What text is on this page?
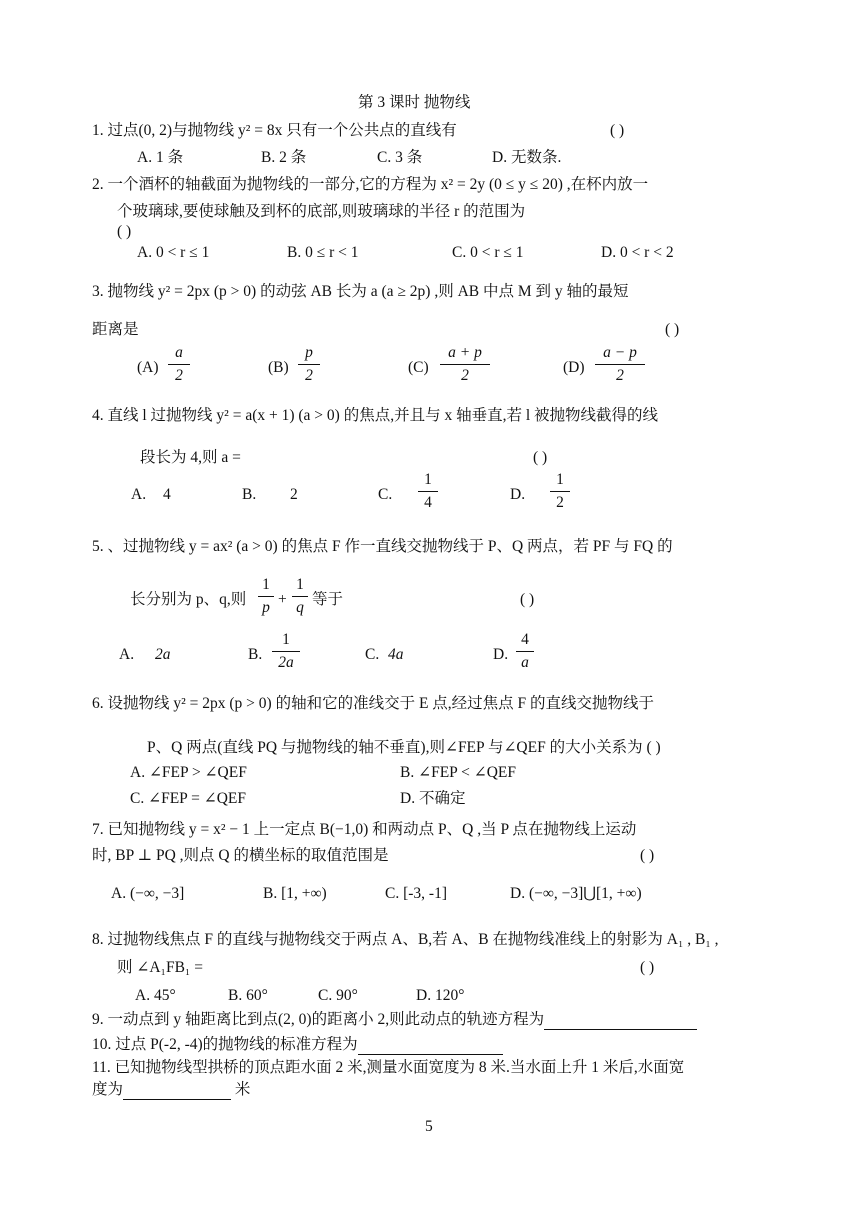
第 3 课时 抛物线
1. 过点(0, 2)与抛物线 y² = 8x 只有一个公共点的直线有	( )
A. 1 条	B. 2 条	C. 3 条	D. 无数条.
2. 一个酒杯的轴截面为抛物线的一部分,它的方程为 x² = 2y (0 ≤ y ≤ 20) ,在杯内放一
个玻璃球,要使球触及到杯的底部,则玻璃球的半径 r 的范围为
( )
A. 0 < r ≤ 1	B. 0 ≤ r < 1	C. 0 < r ≤ 1	D. 0 < r < 2
3. 抛物线 y² = 2px (p > 0) 的动弦 AB 长为 a (a ≥ 2p) ,则 AB 中点 M 到 y 轴的最短
距离是	( )
(A)
a
2	(B)
p
2	(C)
a + p
2	(D)
a − p
2
4. 直线 l 过抛物线 y² = a(x + 1) (a > 0) 的焦点,并且与 x 轴垂直,若 l 被抛物线截得的线
段长为 4,则 a =	( )
A. 4	B. 2	C.
1
4	D.
1
2
5. 、过抛物线 y = ax² (a > 0) 的焦点 F 作一直线交抛物线于 P、Q 两点，若 PF 与 FQ 的
长分别为 p、q,则
1
p +
1
q 等于	( )
A. 2a	B.
1
2a	C. 4a	D.
4
a
6. 设抛物线 y² = 2px (p > 0) 的轴和它的准线交于 E 点,经过焦点 F 的直线交抛物线于
P、Q 两点(直线 PQ 与抛物线的轴不垂直),则∠FEP 与∠QEF 的大小关系为 ( )
A. ∠FEP > ∠QEF	B. ∠FEP < ∠QEF
C. ∠FEP = ∠QEF	D. 不确定
7. 已知抛物线 y = x² − 1 上一定点 B(−1,0) 和两动点 P、Q ,当 P 点在抛物线上运动
时, BP ⊥ PQ ,则点 Q 的横坐标的取值范围是	( )
A. (−∞, −3]	B. [1, +∞)	C. [-3, -1]	D. (−∞, −3]⋃[1, +∞)
8. 过抛物线焦点 F 的直线与抛物线交于两点 A、B,若 A、B 在抛物线准线上的射影为 A₁ , B₁ ,
则 ∠A₁FB₁ =	( )
A. 45°	B. 60°	C. 90°	D. 120°
9. 一动点到 y 轴距离比到点(2, 0)的距离小 2,则此动点的轨迹方程为
10. 过点 P(-2, -4)的抛物线的标准方程为
11. 已知抛物线型拱桥的顶点距水面 2 米,测量水面宽度为 8 米.当水面上升 1 米后,水面宽
度为	米
5
